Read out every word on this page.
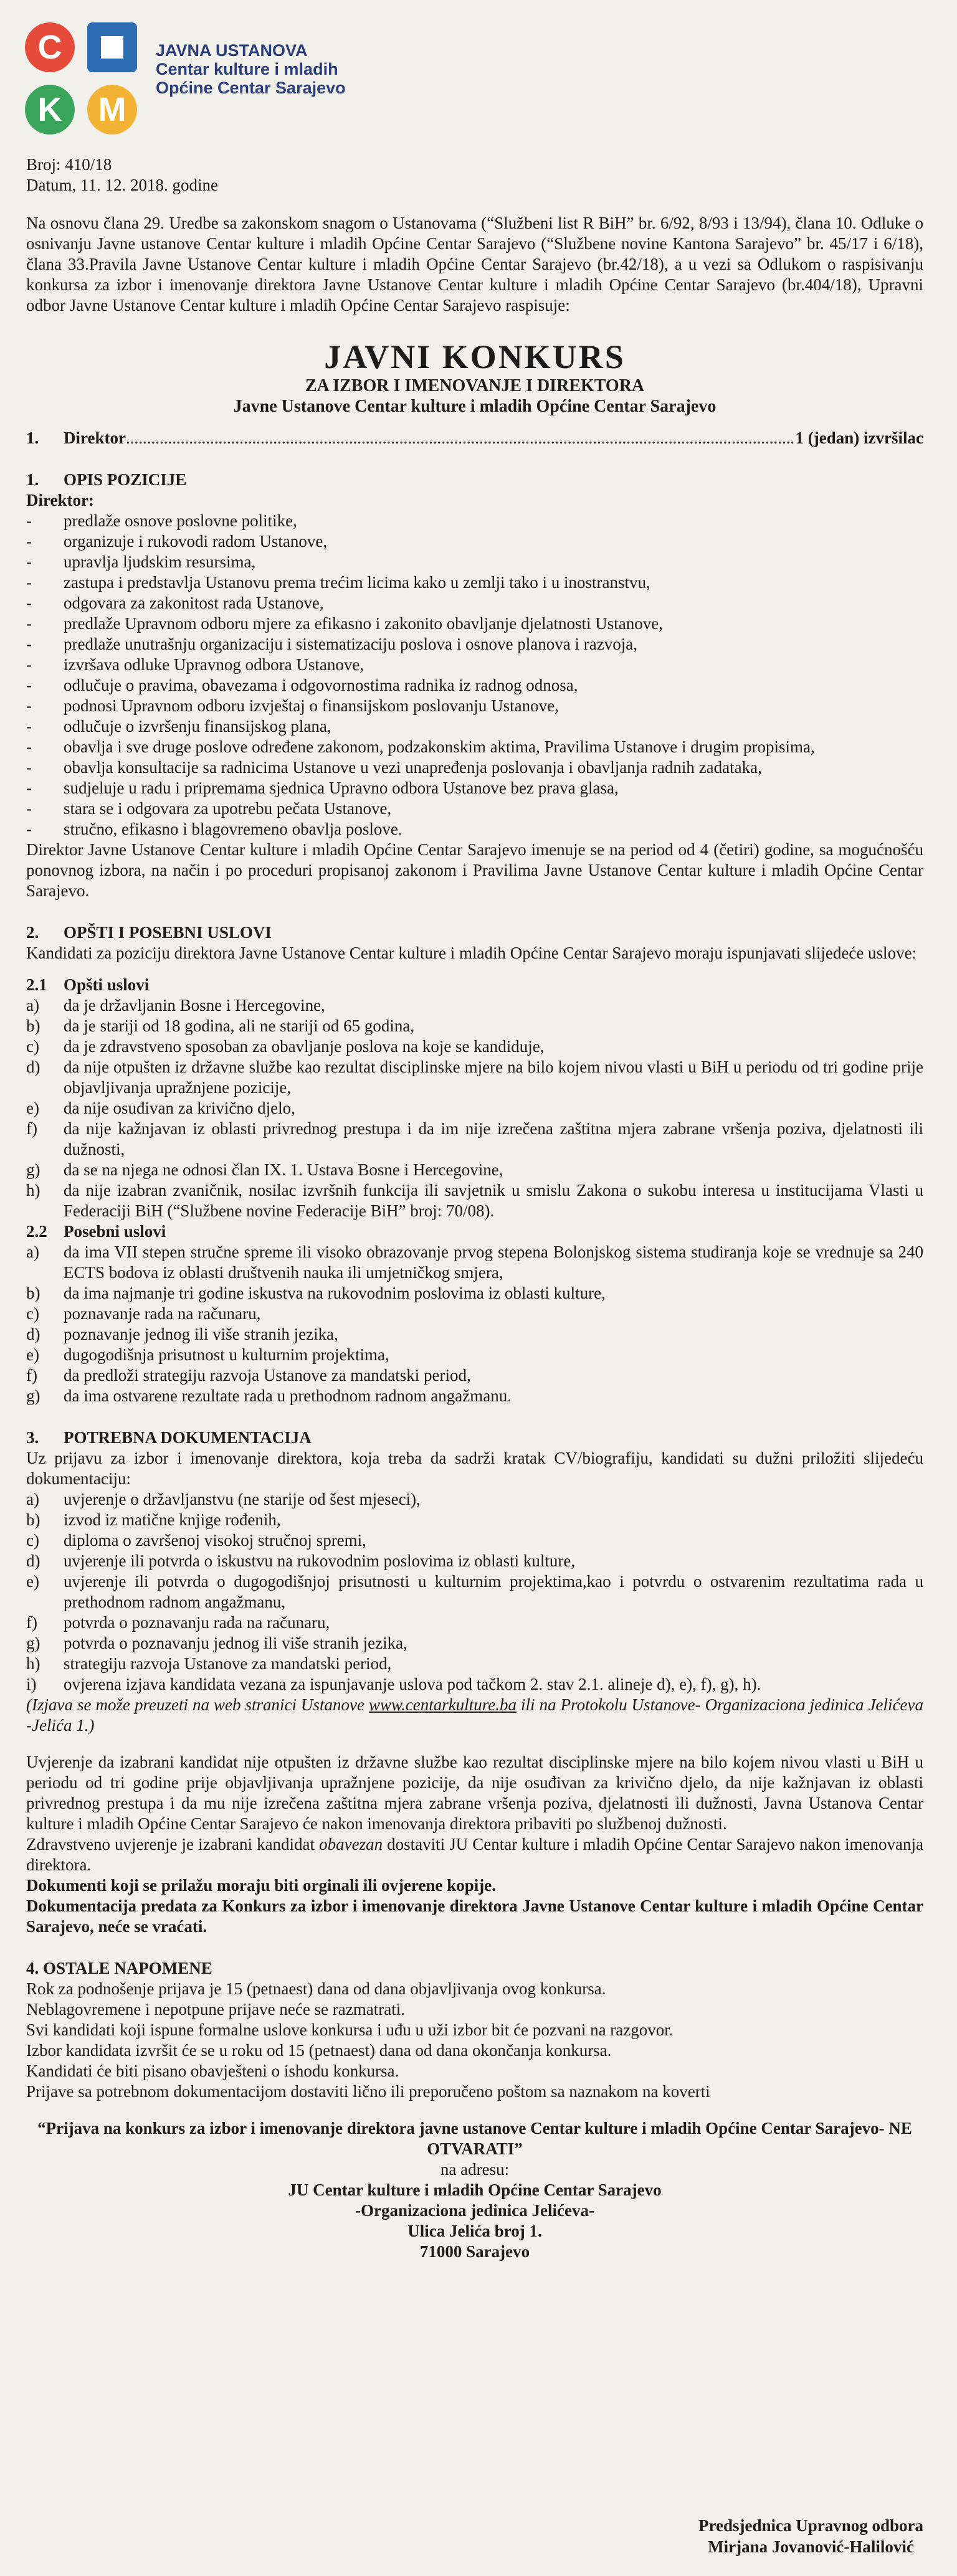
C
K	M
JAVNA USTANOVA
Centar kulture i mladih
Općine Centar Sarajevo
Broj: 410/18
Datum, 11. 12. 2018. godine

Na osnovu člana 29. Uredbe sa zakonskom snagom o Ustanovama (“Službeni list R BiH” br. 6/92, 8/93 i 13/94), člana 10. Odluke o osnivanju Javne ustanove Centar kulture i mladih Općine Centar Sarajevo (“Službene novine Kantona Sarajevo” br. 45/17 i 6/18), člana 33.Pravila Javne Ustanove Centar kulture i mladih Općine Centar Sarajevo (br.42/18), a u vezi sa Odlukom o raspisivanju konkursa za izbor i imenovanje direktora Javne Ustanove Centar kulture i mladih Općine Centar Sarajevo (br.404/18), Upravni odbor Javne Ustanove Centar kulture i mladih Općine Centar Sarajevo raspisuje:

JAVNI KONKURS

ZA IZBOR I IMENOVANJE I DIREKTORA

Javne Ustanove Centar kulture i mladih Općine Centar Sarajevo

1.	Direktor
.....	1 (jedan) izvršilac
1.	OPIS POZICIJE

Direktor:

-	predlaže osnove poslovne politike,
-	organizuje i rukovodi radom Ustanove,
-	upravlja ljudskim resursima,
-	zastupa i predstavlja Ustanovu prema trećim licima kako u zemlji tako i u inostranstvu,
-	odgovara za zakonitost rada Ustanove,
-	predlaže Upravnom odboru mjere za efikasno i zakonito obavljanje djelatnosti Ustanove,
-	predlaže unutrašnju organizaciju i sistematizaciju poslova i osnove planova i razvoja,
-	izvršava odluke Upravnog odbora Ustanove,
-	odlučuje o pravima, obavezama i odgovornostima radnika iz radnog odnosa,
-	podnosi Upravnom odboru izvještaj o finansijskom poslovanju Ustanove,
-	odlučuje o izvršenju finansijskog plana,
-	obavlja i sve druge poslove određene zakonom, podzakonskim aktima, Pravilima Ustanove i drugim propisima,
-	obavlja konsultacije sa radnicima Ustanove u vezi unapređenja poslovanja i obavljanja radnih zadataka,
-	sudjeluje u radu i pripremama sjednica Upravno odbora Ustanove bez prava glasa,
-	stara se i odgovara za upotrebu pečata Ustanove,
-	stručno, efikasno i blagovremeno obavlja poslove.

Direktor Javne Ustanove Centar kulture i mladih Općine Centar Sarajevo imenuje se na period od 4 (četiri) godine, sa mogućnošću ponovnog izbora, na način i po proceduri propisanoj zakonom i Pravilima Javne Ustanove Centar kulture i mladih Općine Centar Sarajevo.

2.	OPŠTI I POSEBNI USLOVI

Kandidati za poziciju direktora Javne Ustanove Centar kulture i mladih Općine Centar Sarajevo moraju ispunjavati slijedeće uslove:

2.1 Opšti uslovi
a)	da je državljanin Bosne i Hercegovine,
b)	da je stariji od 18 godina, ali ne stariji od 65 godina,
c)	da je zdravstveno sposoban za obavljanje poslova na koje se kandiduje,
d)	da nije otpušten iz državne službe kao rezultat disciplinske mjere na bilo kojem nivou vlasti u BiH u periodu od tri godine prije objavljivanja upražnjene pozicije,
e)	da nije osuđivan za krivično djelo,
f)	da nije kažnjavan iz oblasti privrednog prestupa i da im nije izrečena zaštitna mjera zabrane vršenja poziva, djelatnosti ili dužnosti,
g)	da se na njega ne odnosi član IX. 1. Ustava Bosne i Hercegovine,
h)	da nije izabran zvaničnik, nosilac izvršnih funkcija ili savjetnik u smislu Zakona o sukobu interesa u institucijama Vlasti u Federaciji BiH (“Službene novine Federacije BiH” broj: 70/08).
2.2 Posebni uslovi
a)	da ima VII stepen stručne spreme ili visoko obrazovanje prvog stepena Bolonjskog sistema studiranja koje se vrednuje sa 240 ECTS bodova iz oblasti društvenih nauka ili umjetničkog smjera,
b)	da ima najmanje tri godine iskustva na rukovodnim poslovima iz oblasti kulture,
c)	poznavanje rada na računaru,
d)	poznavanje jednog ili više stranih jezika,
e)	dugogodišnja prisutnost u kulturnim projektima,
f)	da predloži strategiju razvoja Ustanove za mandatski period,
g)	da ima ostvarene rezultate rada u prethodnom radnom angažmanu.
3.	POTREBNA DOKUMENTACIJA

Uz prijavu za izbor i imenovanje direktora, koja treba da sadrži kratak CV/biografiju, kandidati su dužni priložiti slijedeću dokumentaciju:

a)	uvjerenje o državljanstvu (ne starije od šest mjeseci),
b)	izvod iz matične knjige rođenih,
c)	diploma o završenoj visokoj stručnoj spremi,
d)	uvjerenje ili potvrda o iskustvu na rukovodnim poslovima iz oblasti kulture,
e)	uvjerenje ili potvrda o dugogodišnjoj prisutnosti u kulturnim projektima,kao i potvrdu o ostvarenim rezultatima rada u prethodnom radnom angažmanu,
f)	potvrda o poznavanju rada na računaru,
g)	potvrda o poznavanju jednog ili više stranih jezika,
h)	strategiju razvoja Ustanove za mandatski period,
i)	ovjerena izjava kandidata vezana za ispunjavanje uslova pod tačkom 2. stav 2.1. alineje d), e), f), g), h).

(Izjava se može preuzeti na web stranici Ustanove www.centarkulture.ba ili na Protokolu Ustanove- Organizaciona jedinica Jelićeva -Jelića 1.)

Uvjerenje da izabrani kandidat nije otpušten iz državne službe kao rezultat disciplinske mjere na bilo kojem nivou vlasti u BiH u periodu od tri godine prije objavljivanja upražnjene pozicije, da nije osuđivan za krivično djelo, da nije kažnjavan iz oblasti privrednog prestupa i da mu nije izrečena zaštitna mjera zabrane vršenja poziva, djelatnosti ili dužnosti, Javna Ustanova Centar kulture i mladih Općine Centar Sarajevo će nakon imenovanja direktora pribaviti po službenoj dužnosti.

Zdravstveno uvjerenje je izabrani kandidat obavezan dostaviti JU Centar kulture i mladih Općine Centar Sarajevo nakon imenovanja direktora.

Dokumenti koji se prilažu moraju biti orginali ili ovjerene kopije.

Dokumentacija predata za Konkurs za izbor i imenovanje direktora Javne Ustanove Centar kulture i mladih Općine Centar Sarajevo, neće se vraćati.

4. OSTALE NAPOMENE
Rok za podnošenje prijava je 15 (petnaest) dana od dana objavljivanja ovog konkursa.
Neblagovremene i nepotpune prijave neće se razmatrati.
Svi kandidati koji ispune formalne uslove konkursa i uđu u uži izbor bit će pozvani na razgovor.
Izbor kandidata izvršit će se u roku od 15 (petnaest) dana od dana okončanja konkursa.
Kandidati će biti pisano obavješteni o ishodu konkursa.
Prijave sa potrebnom dokumentacijom dostaviti lično ili preporučeno poštom sa naznakom na koverti

“Prijava na konkurs za izbor i imenovanje direktora javne ustanove Centar kulture i mladih Općine Centar Sarajevo- NE OTVARATI”

na adresu:

JU Centar kulture i mladih Općine Centar Sarajevo
-Organizaciona jedinica Jelićeva-
Ulica Jelića broj 1.
71000 Sarajevo
Predsjednica Upravnog odbora
Mirjana Jovanović-Halilović
